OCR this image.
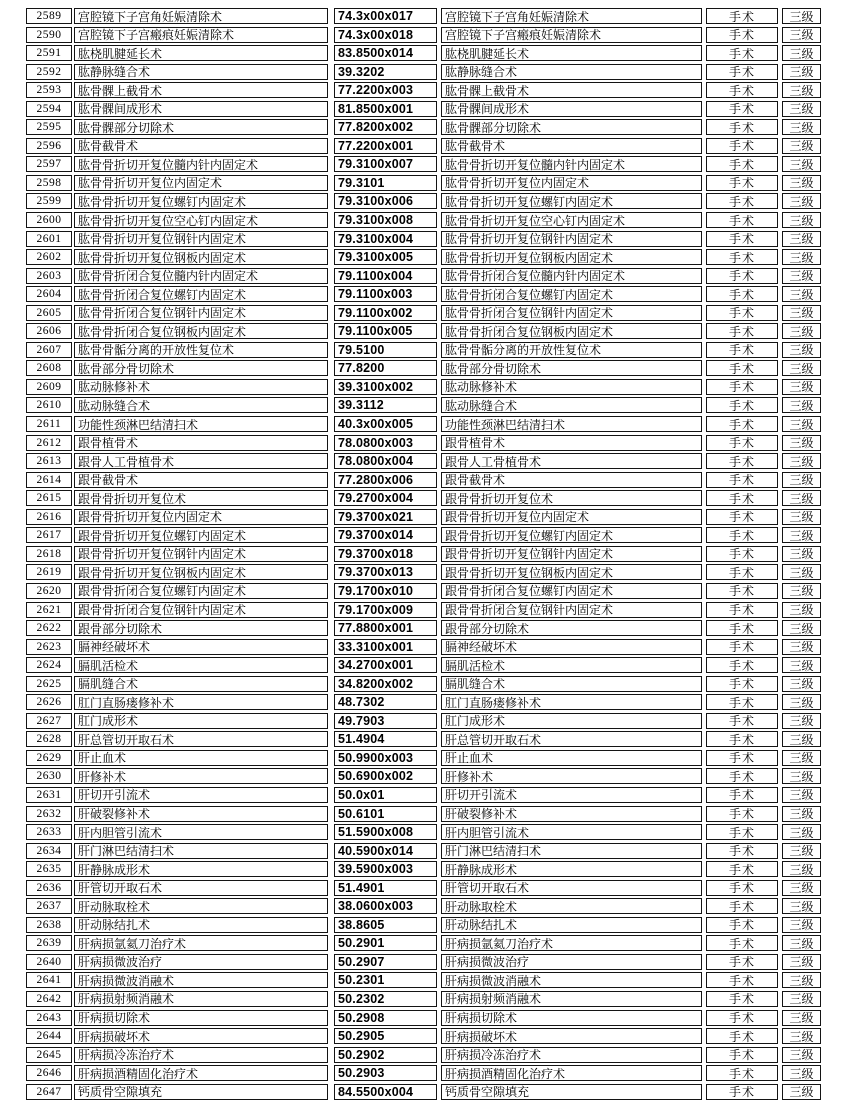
2589	宫腔镜下子宫角妊娠清除术	74.3x00x017	宫腔镜下子宫角妊娠清除术	手术	三级
2590	宫腔镜下子宫瘢痕妊娠清除术	74.3x00x018	宫腔镜下子宫瘢痕妊娠清除术	手术	三级
2591	肱桡肌腱延长术	83.8500x014	肱桡肌腱延长术	手术	三级
2592	肱静脉缝合术	39.3202	肱静脉缝合术	手术	三级
2593	肱骨髁上截骨术	77.2200x003	肱骨髁上截骨术	手术	三级
2594	肱骨髁间成形术	81.8500x001	肱骨髁间成形术	手术	三级
2595	肱骨髁部分切除术	77.8200x002	肱骨髁部分切除术	手术	三级
2596	肱骨截骨术	77.2200x001	肱骨截骨术	手术	三级
2597	肱骨骨折切开复位髓内针内固定术	79.3100x007	肱骨骨折切开复位髓内针内固定术	手术	三级
2598	肱骨骨折切开复位内固定术	79.3101	肱骨骨折切开复位内固定术	手术	三级
2599	肱骨骨折切开复位螺钉内固定术	79.3100x006	肱骨骨折切开复位螺钉内固定术	手术	三级
2600	肱骨骨折切开复位空心钉内固定术	79.3100x008	肱骨骨折切开复位空心钉内固定术	手术	三级
2601	肱骨骨折切开复位钢针内固定术	79.3100x004	肱骨骨折切开复位钢针内固定术	手术	三级
2602	肱骨骨折切开复位钢板内固定术	79.3100x005	肱骨骨折切开复位钢板内固定术	手术	三级
2603	肱骨骨折闭合复位髓内针内固定术	79.1100x004	肱骨骨折闭合复位髓内针内固定术	手术	三级
2604	肱骨骨折闭合复位螺钉内固定术	79.1100x003	肱骨骨折闭合复位螺钉内固定术	手术	三级
2605	肱骨骨折闭合复位钢针内固定术	79.1100x002	肱骨骨折闭合复位钢针内固定术	手术	三级
2606	肱骨骨折闭合复位钢板内固定术	79.1100x005	肱骨骨折闭合复位钢板内固定术	手术	三级
2607	肱骨骨骺分离的开放性复位术	79.5100	肱骨骨骺分离的开放性复位术	手术	三级
2608	肱骨部分骨切除术	77.8200	肱骨部分骨切除术	手术	三级
2609	肱动脉修补术	39.3100x002	肱动脉修补术	手术	三级
2610	肱动脉缝合术	39.3112	肱动脉缝合术	手术	三级
2611	功能性颈淋巴结清扫术	40.3x00x005	功能性颈淋巴结清扫术	手术	三级
2612	跟骨植骨术	78.0800x003	跟骨植骨术	手术	三级
2613	跟骨人工骨植骨术	78.0800x004	跟骨人工骨植骨术	手术	三级
2614	跟骨截骨术	77.2800x006	跟骨截骨术	手术	三级
2615	跟骨骨折切开复位术	79.2700x004	跟骨骨折切开复位术	手术	三级
2616	跟骨骨折切开复位内固定术	79.3700x021	跟骨骨折切开复位内固定术	手术	三级
2617	跟骨骨折切开复位螺钉内固定术	79.3700x014	跟骨骨折切开复位螺钉内固定术	手术	三级
2618	跟骨骨折切开复位钢针内固定术	79.3700x018	跟骨骨折切开复位钢针内固定术	手术	三级
2619	跟骨骨折切开复位钢板内固定术	79.3700x013	跟骨骨折切开复位钢板内固定术	手术	三级
2620	跟骨骨折闭合复位螺钉内固定术	79.1700x010	跟骨骨折闭合复位螺钉内固定术	手术	三级
2621	跟骨骨折闭合复位钢针内固定术	79.1700x009	跟骨骨折闭合复位钢针内固定术	手术	三级
2622	跟骨部分切除术	77.8800x001	跟骨部分切除术	手术	三级
2623	膈神经破坏术	33.3100x001	膈神经破坏术	手术	三级
2624	膈肌活检术	34.2700x001	膈肌活检术	手术	三级
2625	膈肌缝合术	34.8200x002	膈肌缝合术	手术	三级
2626	肛门直肠瘘修补术	48.7302	肛门直肠瘘修补术	手术	三级
2627	肛门成形术	49.7903	肛门成形术	手术	三级
2628	肝总管切开取石术	51.4904	肝总管切开取石术	手术	三级
2629	肝止血术	50.9900x003	肝止血术	手术	三级
2630	肝修补术	50.6900x002	肝修补术	手术	三级
2631	肝切开引流术	50.0x01	肝切开引流术	手术	三级
2632	肝破裂修补术	50.6101	肝破裂修补术	手术	三级
2633	肝内胆管引流术	51.5900x008	肝内胆管引流术	手术	三级
2634	肝门淋巴结清扫术	40.5900x014	肝门淋巴结清扫术	手术	三级
2635	肝静脉成形术	39.5900x003	肝静脉成形术	手术	三级
2636	肝管切开取石术	51.4901	肝管切开取石术	手术	三级
2637	肝动脉取栓术	38.0600x003	肝动脉取栓术	手术	三级
2638	肝动脉结扎术	38.8605	肝动脉结扎术	手术	三级
2639	肝病损氩氦刀治疗术	50.2901	肝病损氩氦刀治疗术	手术	三级
2640	肝病损微波治疗	50.2907	肝病损微波治疗	手术	三级
2641	肝病损微波消融术	50.2301	肝病损微波消融术	手术	三级
2642	肝病损射频消融术	50.2302	肝病损射频消融术	手术	三级
2643	肝病损切除术	50.2908	肝病损切除术	手术	三级
2644	肝病损破坏术	50.2905	肝病损破坏术	手术	三级
2645	肝病损冷冻治疗术	50.2902	肝病损冷冻治疗术	手术	三级
2646	肝病损酒精固化治疗术	50.2903	肝病损酒精固化治疗术	手术	三级
2647	钙质骨空隙填充	84.5500x004	钙质骨空隙填充	手术	三级
